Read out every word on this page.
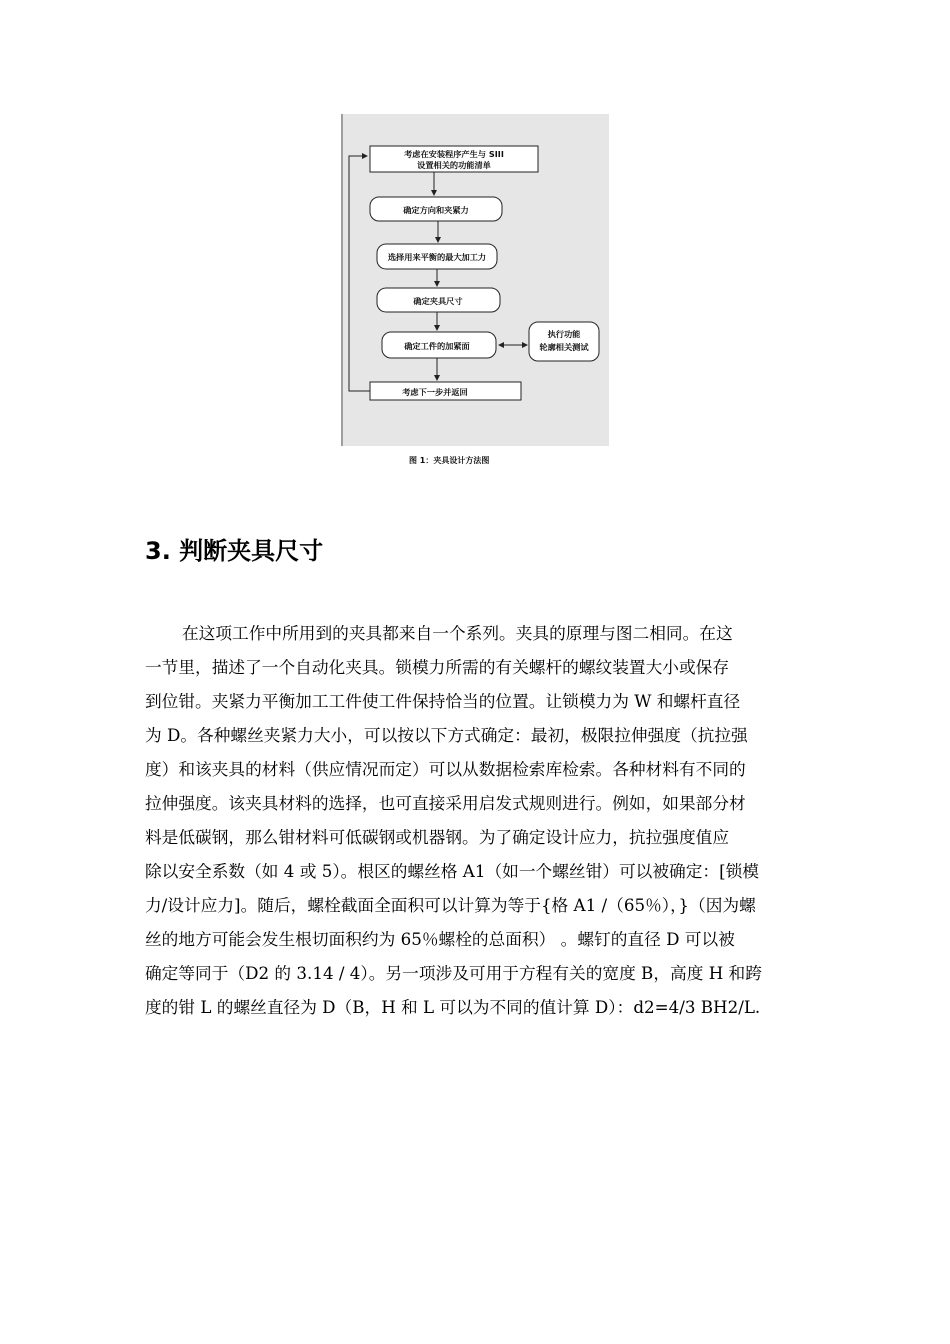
考虑在安装程序产生与 SIII
设置相关的功能清单
确定方向和夹紧力
选择用来平衡的最大加工力
确定夹具尺寸
确定工件的加紧面
执行功能
轮廓相关测试
考虑下一步并返回
图 1：夹具设计方法图
3. 判断夹具尺寸
在这项工作中所用到的夹具都来自一个系列。夹具的原理与图二相同。在这
一节里，描述了一个自动化夹具。锁模力所需的有关螺杆的螺纹装置大小或保存
到位钳。夹紧力平衡加工工件使工件保持恰当的位置。让锁模力为 W 和螺杆直径
为 D。各种螺丝夹紧力大小，可以按以下方式确定：最初，极限拉伸强度（抗拉强
度）和该夹具的材料（供应情况而定）可以从数据检索库检索。各种材料有不同的
拉伸强度。该夹具材料的选择，也可直接采用启发式规则进行。例如，如果部分材
料是低碳钢，那么钳材料可低碳钢或机器钢。为了确定设计应力，抗拉强度值应
除以安全系数（如 4 或 5）。根区的螺丝格 A1（如一个螺丝钳）可以被确定：[锁模
力/设计应力]。随后，螺栓截面全面积可以计算为等于{格 A1 /（65％），}（因为螺
丝的地方可能会发生根切面积约为 65％螺栓的总面积） 。螺钉的直径 D 可以被
确定等同于（D2 的 3.14 / 4）。另一项涉及可用于方程有关的宽度 B，高度 H 和跨
度的钳 L 的螺丝直径为 D（B，H 和 L 可以为不同的值计算 D）：d2=4/3 BH2/L.
